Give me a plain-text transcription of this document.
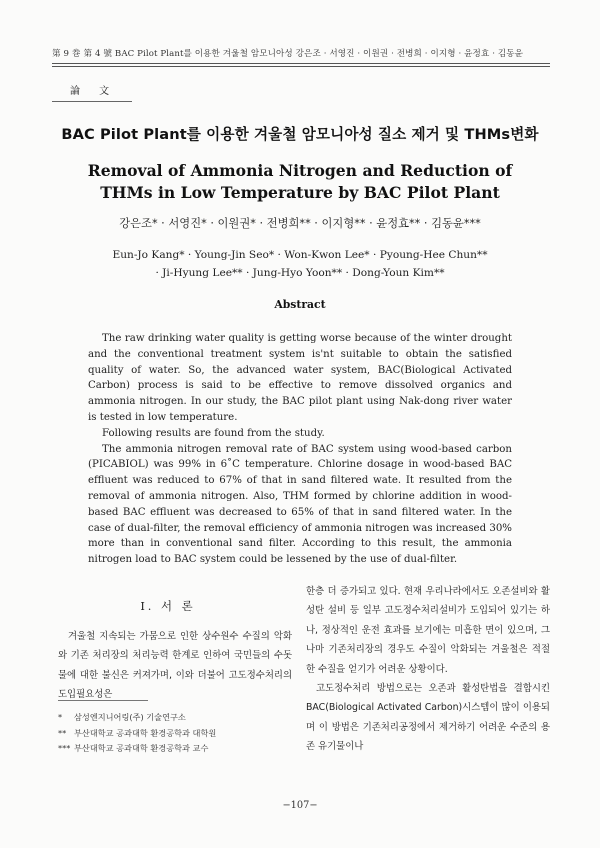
第 9 巻 第 4 號 BAC Pilot Plant를 이용한 겨울철 암모니아성 강은조 · 서영진 · 이원권 · 전병희 · 이지형 · 윤정효 · 김동윤
論 文
BAC Pilot Plant를 이용한 겨울철 암모니아성 질소 제거 및 THMs변화
Removal of Ammonia Nitrogen and Reduction of THMs in Low Temperature by BAC Pilot Plant
강은조* · 서영진* · 이원권* · 전병희** · 이지형** · 윤정효** · 김동윤***
Eun-Jo Kang* · Young-Jin Seo* · Won-Kwon Lee* · Pyoung-Hee Chun**
· Ji-Hyung Lee** · Jung-Hyo Yoon** · Dong-Youn Kim**
Abstract

The raw drinking water quality is getting worse because of the winter drought and the conventional treatment system is'nt suitable to obtain the satisfied quality of water. So, the advanced water system, BAC(Biological Activated Carbon) process is said to be effective to remove dissolved organics and ammonia nitrogen. In our study, the BAC pilot plant using Nak-dong river water is tested in low temperature.

Following results are found from the study.

The ammonia nitrogen removal rate of BAC system using wood-based carbon (PICABIOL) was 99% in 6˚C temperature. Chlorine dosage in wood-based BAC effluent was reduced to 67% of that in sand filtered wate. It resulted from the removal of ammonia nitrogen. Also, THM formed by chlorine addition in wood-based BAC effluent was decreased to 65% of that in sand filtered water. In the case of dual-filter, the removal efficiency of ammonia nitrogen was increased 30% more than in conventional sand filter. According to this result, the ammonia nitrogen load to BAC system could be lessened by the use of dual-filter.

Ⅰ. 서 론

겨울철 지속되는 가뭄으로 인한 상수원수 수질의 악화와 기존 처리장의 처리능력 한계로 인하여 국민들의 수돗물에 대한 불신은 커져가며, 이와 더불어 고도정수처리의 도입필요성은

한층 더 증가되고 있다. 현재 우리나라에서도 오존설비와 활성탄 설비 등 일부 고도정수처리설비가 도입되어 있기는 하나, 정상적인 운전 효과를 보기에는 미흡한 면이 있으며, 그나마 기존처리장의 경우도 수질이 악화되는 겨울철은 적절한 수질을 얻기가 어려운 상황이다.

고도정수처리 방법으로는 오존과 활성탄법을 결합시킨 BAC(Biological Activated Carbon)시스템이 많이 이용되며 이 방법은 기존처리공정에서 제거하기 어려운 수준의 용존 유기물이나

* 삼성엔지니어링(주) 기술연구소
** 부산대학교 공과대학 환경공학과 대학원
*** 부산대학교 공과대학 환경공학과 교수
−107−
